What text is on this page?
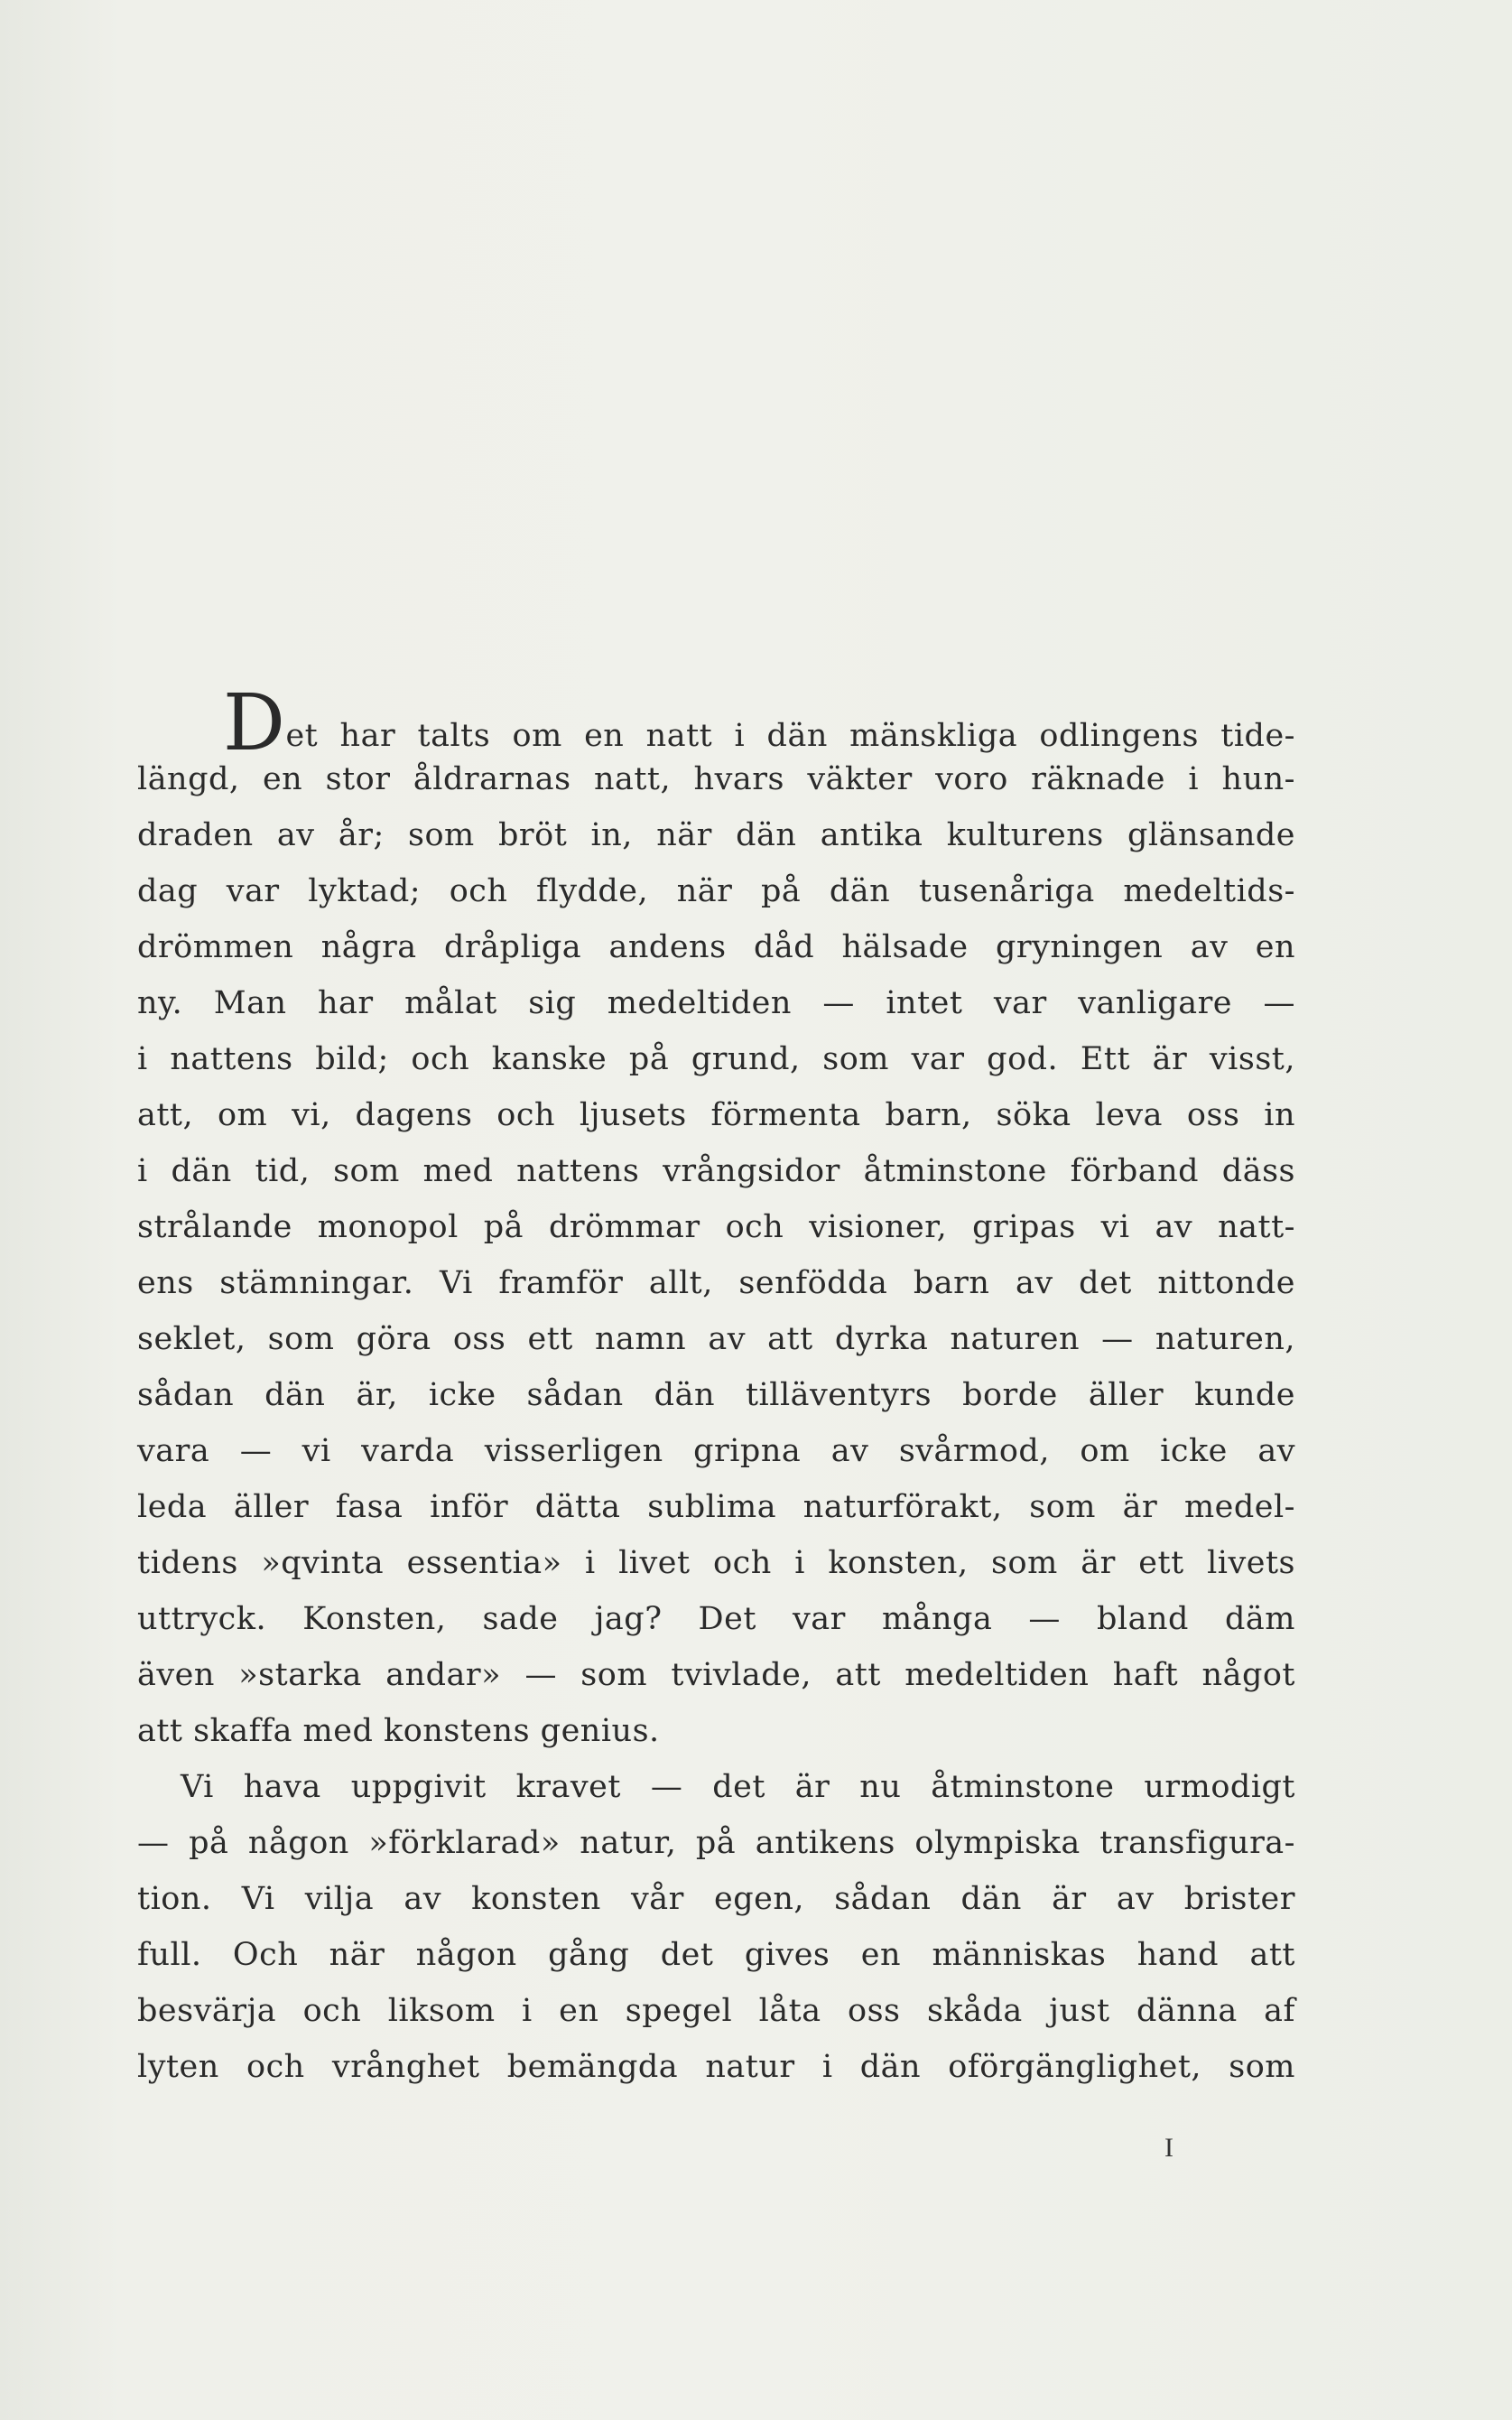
Det har talts om en natt i dän mänskliga odlingens tide-
längd, en stor åldrarnas natt, hvars väkter voro räknade i hun-
draden av år; som bröt in, när dän antika kulturens glänsande
dag var lyktad; och flydde, när på dän tusenåriga medeltids-
drömmen några dråpliga andens dåd hälsade gryningen av en
ny. Man har målat sig medeltiden — intet var vanligare —
i nattens bild; och kanske på grund, som var god. Ett är visst,
att, om vi, dagens och ljusets förmenta barn, söka leva oss in
i dän tid, som med nattens vrångsidor åtminstone förband däss
strålande monopol på drömmar och visioner, gripas vi av natt-
ens stämningar. Vi framför allt, senfödda barn av det nittonde
seklet, som göra oss ett namn av att dyrka naturen — naturen,
sådan dän är, icke sådan dän tilläventyrs borde äller kunde
vara — vi varda visserligen gripna av svårmod, om icke av
leda äller fasa inför dätta sublima naturförakt, som är medel-
tidens »qvinta essentia» i livet och i konsten, som är ett livets
uttryck. Konsten, sade jag? Det var många — bland däm
även »starka andar» — som tvivlade, att medeltiden haft något
att skaffa med konstens genius.
Vi hava uppgivit kravet — det är nu åtminstone urmodigt
— på någon »förklarad» natur, på antikens olympiska transfigura-
tion. Vi vilja av konsten vår egen, sådan dän är av brister
full. Och när någon gång det gives en människas hand att
besvärja och liksom i en spegel låta oss skåda just dänna af
lyten och vrånghet bemängda natur i dän oförgänglighet, som
I
